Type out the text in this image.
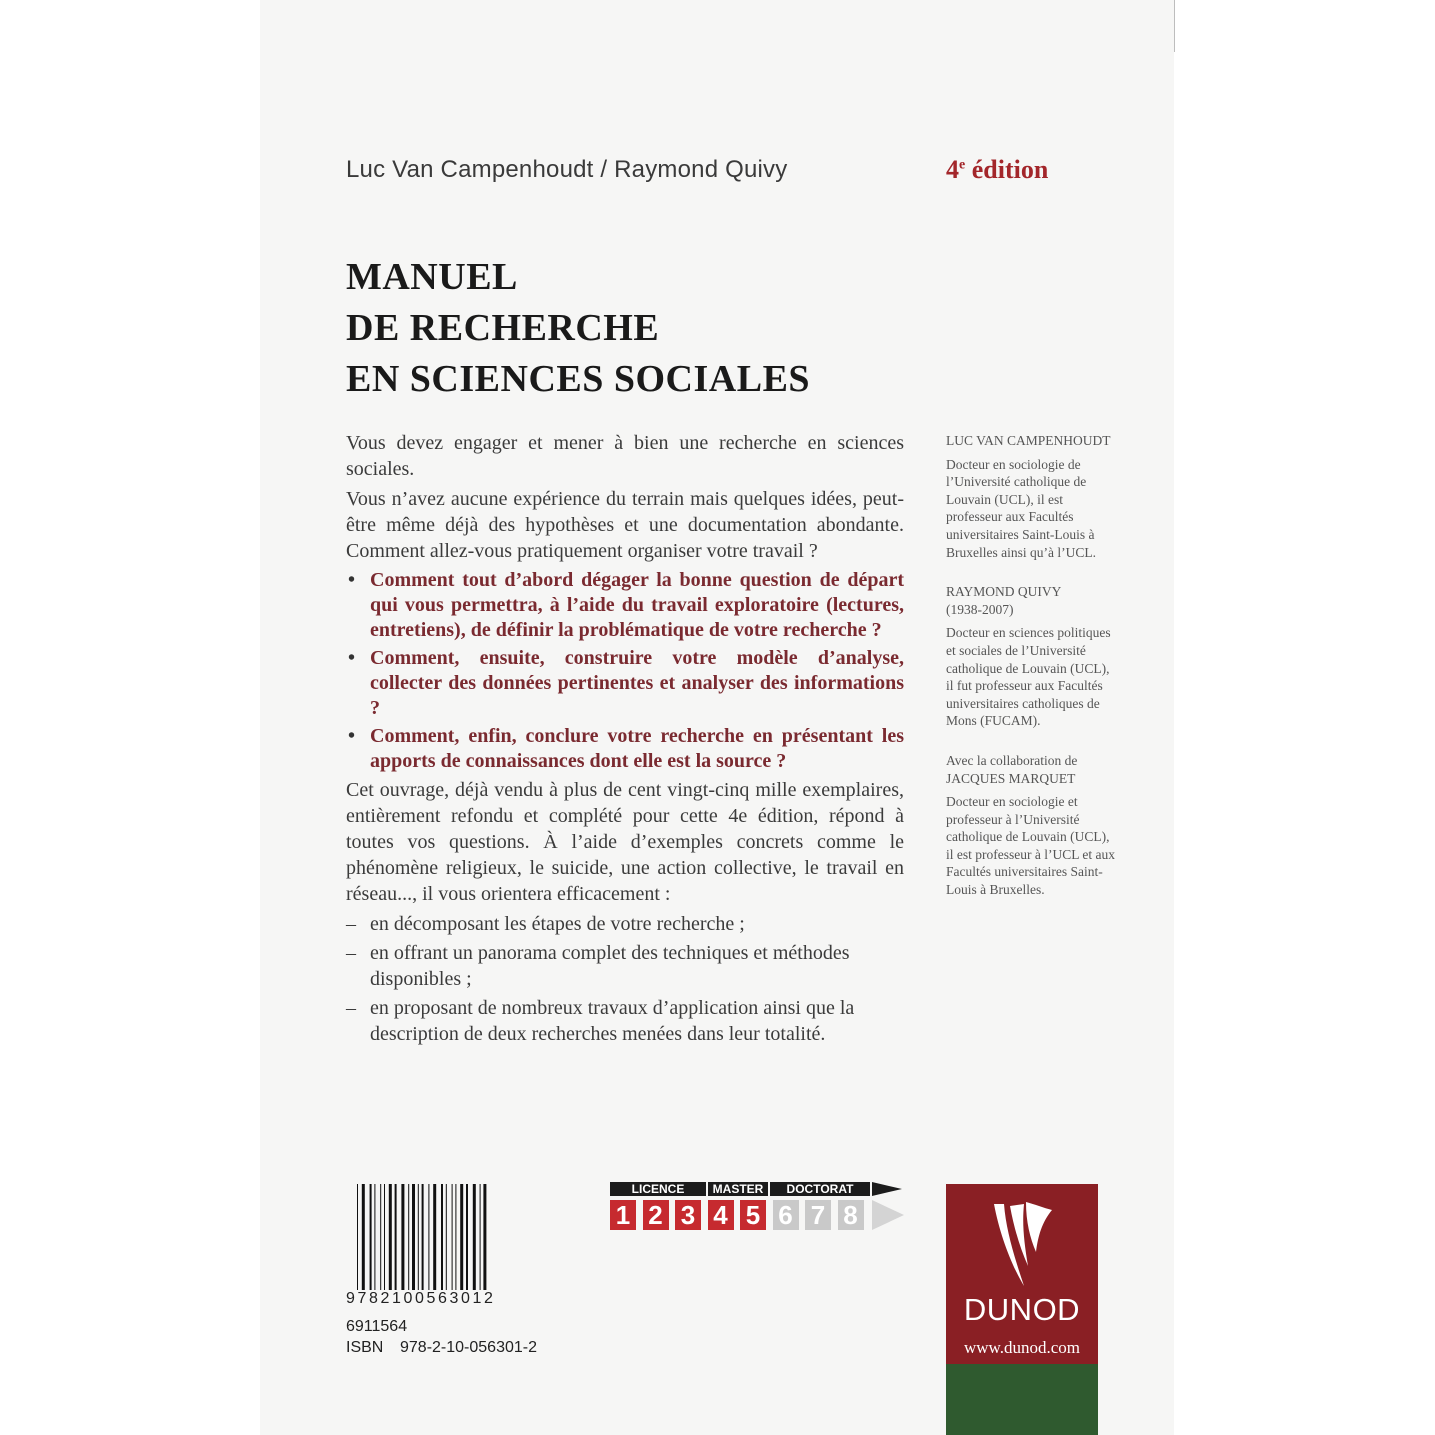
Luc Van Campenhoudt / Raymond Quivy	4e édition
MANUEL
DE RECHERCHE
EN SCIENCES SOCIALES

Vous devez engager et mener à bien une recherche en sciences sociales.

Vous n’avez aucune expérience du terrain mais quelques idées, peut-être même déjà des hypothèses et une documentation abondante. Comment allez-vous pratiquement organiser votre travail ?

• Comment tout d’abord dégager la bonne question de départ qui vous permettra, à l’aide du travail exploratoire (lectures, entretiens), de définir la problématique de votre recherche ?
• Comment, ensuite, construire votre modèle d’analyse, collecter des données pertinentes et analyser des informations ?
• Comment, enfin, conclure votre recherche en présentant les apports de connaissances dont elle est la source ?

Cet ouvrage, déjà vendu à plus de cent vingt-cinq mille exemplaires, entièrement refondu et complété pour cette 4e édition, répond à toutes vos questions. À l’aide d’exemples concrets comme le phénomène religieux, le suicide, une action collective, le travail en réseau..., il vous orientera efficacement :

– en décomposant les étapes de votre recherche ;
– en offrant un panorama complet des techniques et méthodes disponibles ;
– en proposant de nombreux travaux d’application ainsi que la description de deux recherches menées dans leur totalité.
LUC VAN CAMPENHOUDT
Docteur en sociologie de l’Université catholique de Louvain (UCL), il est professeur aux Facultés universitaires Saint-Louis à Bruxelles ainsi qu’à l’UCL.
RAYMOND QUIVY
(1938-2007)
Docteur en sciences politiques et sociales de l’Université catholique de Louvain (UCL), il fut professeur aux Facultés universitaires catholiques de Mons (FUCAM).
Avec la collaboration de
JACQUES MARQUET
Docteur en sociologie et professeur à l’Université catholique de Louvain (UCL), il est professeur à l’UCL et aux Facultés universitaires Saint-Louis à Bruxelles.
9782100563012
6911564
ISBN 978-2-10-056301-2
LICENCE	MASTER	DOCTORAT
1 2 3 4 5 6 7 8
DUNOD
www.dunod.com
